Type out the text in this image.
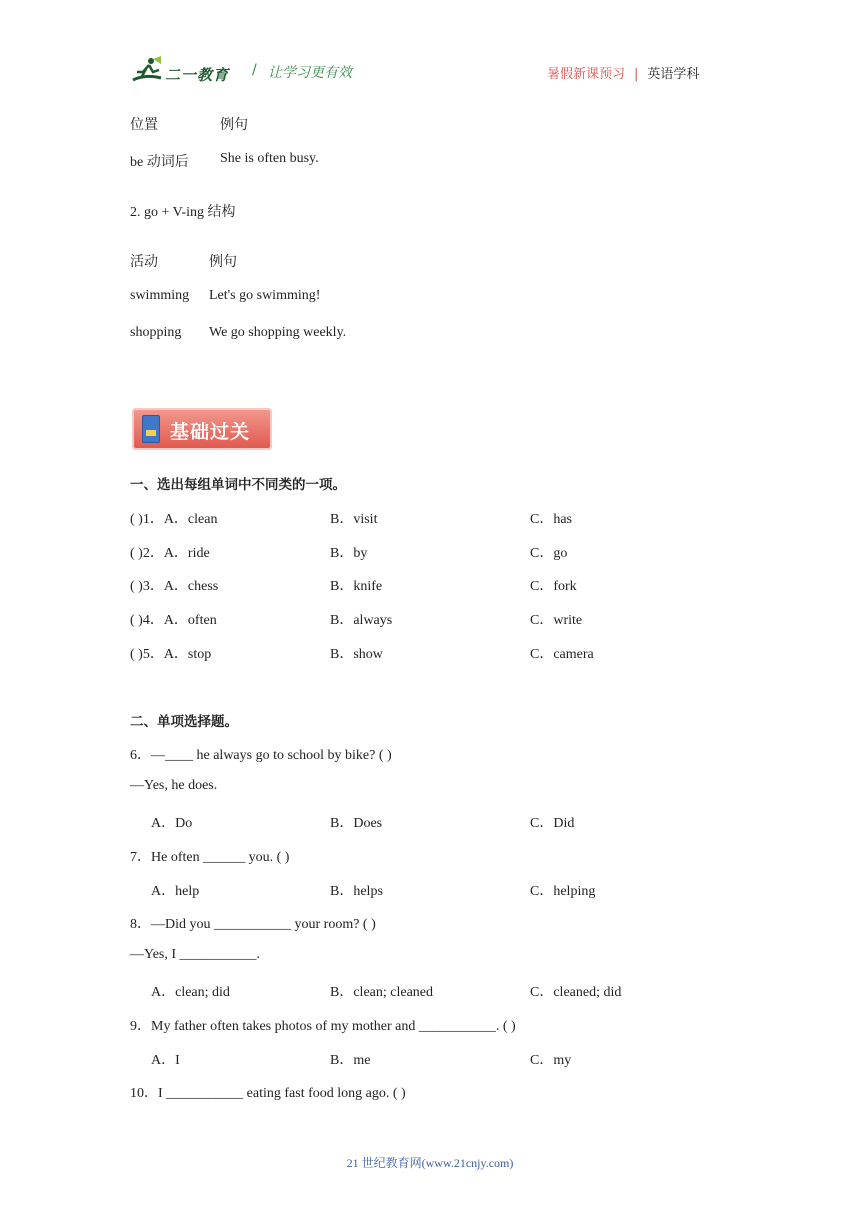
二一教育 / 让学习更有效	暑假新课预习 | 英语学科
位置	例句
be 动词后 She is often busy.
2. go + V-ing 结构
活动	例句
swimming Let's go swimming!
shopping We go shopping weekly.
基础过关
一、选出每组单词中不同类的一项。
( )1．A．clean	B．visit	C．has
( )2．A．ride	B．by	C．go
( )3．A．chess	B．knife	C．fork
( )4．A．often	B．always	C．write
( )5．A．stop	B．show	C．camera
二、单项选择题。
6．—____ he always go to school by bike? ( )
—Yes, he does.
A．Do	B．Does	C．Did
7．He often ______ you. ( )
A．help	B．helps	C．helping
8．—Did you ___________ your room? ( )
—Yes, I ___________.
A．clean; did	B．clean; cleaned	C．cleaned; did
9．My father often takes photos of my mother and ___________. ( )
A．I	B．me	C．my
10．I ___________ eating fast food long ago. ( )
21 世纪教育网(www.21cnjy.com)
